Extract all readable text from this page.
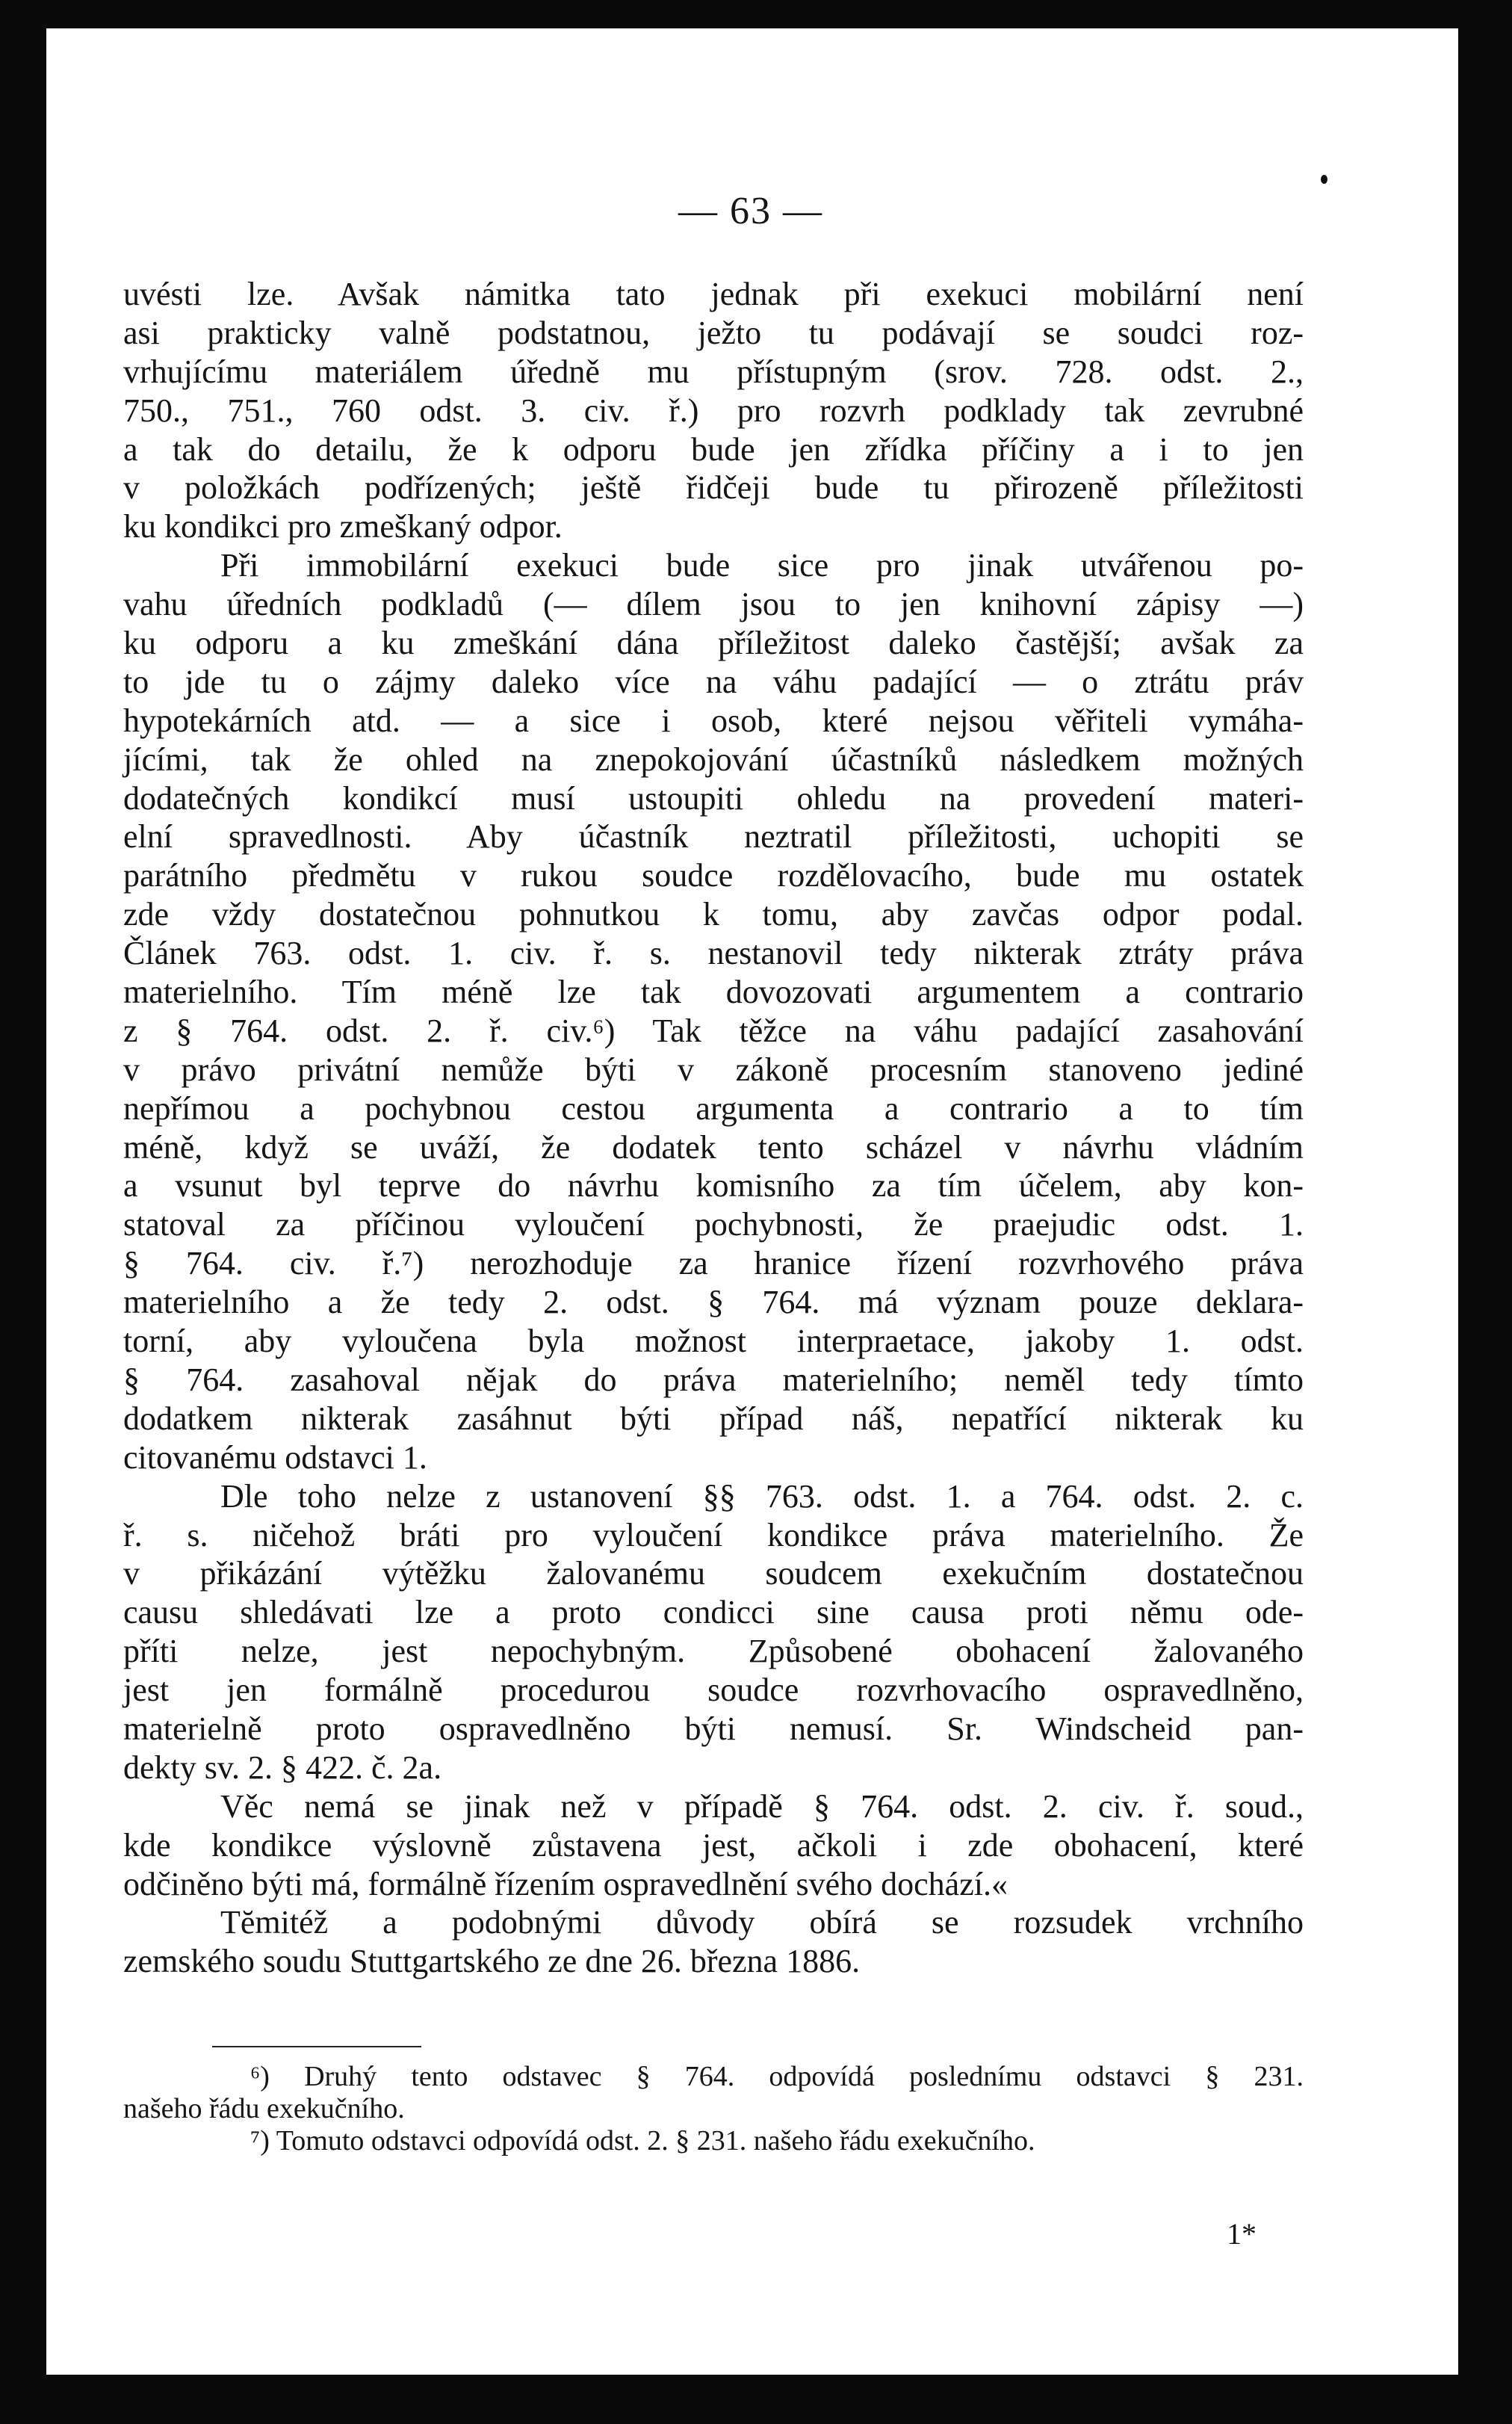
— 63 —
uvésti lze. Avšak námitka tato jednak při exekuci mobilární není
asi prakticky valně podstatnou, ježto tu podávají se soudci roz-
vrhujícímu materiálem úředně mu přístupným (srov. 728. odst. 2.,
750., 751., 760 odst. 3. civ. ř.) pro rozvrh podklady tak zevrubné
a tak do detailu, že k odporu bude jen zřídka příčiny a i to jen
v položkách podřízených; ještě řidčeji bude tu přirozeně příležitosti
ku kondikci pro zmeškaný odpor.
Při immobilární exekuci bude sice pro jinak utvářenou po-
vahu úředních podkladů (— dílem jsou to jen knihovní zápisy —)
ku odporu a ku zmeškání dána příležitost daleko častější; avšak za
to jde tu o zájmy daleko více na váhu padající — o ztrátu práv
hypotekárních atd. — a sice i osob, které nejsou věřiteli vymáha-
jícími, tak že ohled na znepokojování účastníků následkem možných
dodatečných kondikcí musí ustoupiti ohledu na provedení materi-
elní spravedlnosti. Aby účastník neztratil příležitosti, uchopiti se
parátního předmětu v rukou soudce rozdělovacího, bude mu ostatek
zde vždy dostatečnou pohnutkou k tomu, aby zavčas odpor podal.
Článek 763. odst. 1. civ. ř. s. nestanovil tedy nikterak ztráty práva
materielního. Tím méně lze tak dovozovati argumentem a contrario
z § 764. odst. 2. ř. civ.⁶) Tak těžce na váhu padající zasahování
v právo privátní nemůže býti v zákoně procesním stanoveno jediné
nepřímou a pochybnou cestou argumenta a contrario a to tím
méně, když se uváží, že dodatek tento scházel v návrhu vládním
a vsunut byl teprve do návrhu komisního za tím účelem, aby kon-
statoval za příčinou vyloučení pochybnosti, že praejudic odst. 1.
§ 764. civ. ř.⁷) nerozhoduje za hranice řízení rozvrhového práva
materielního a že tedy 2. odst. § 764. má význam pouze deklara-
torní, aby vyloučena byla možnost interpraetace, jakoby 1. odst.
§ 764. zasahoval nějak do práva materielního; neměl tedy tímto
dodatkem nikterak zasáhnut býti případ náš, nepatřící nikterak ku
citovanému odstavci 1.
Dle toho nelze z ustanovení §§ 763. odst. 1. a 764. odst. 2. c.
ř. s. ničehož bráti pro vyloučení kondikce práva materielního. Že
v přikázání výtěžku žalovanému soudcem exekučním dostatečnou
causu shledávati lze a proto condicci sine causa proti němu ode-
příti nelze, jest nepochybným. Způsobené obohacení žalovaného
jest jen formálně procedurou soudce rozvrhovacího ospravedlněno,
materielně proto ospravedlněno býti nemusí. Sr. Windscheid pan-
dekty sv. 2. § 422. č. 2a.
Věc nemá se jinak než v případě § 764. odst. 2. civ. ř. soud.,
kde kondikce výslovně zůstavena jest, ačkoli i zde obohacení, které
odčiněno býti má, formálně řízením ospravedlnění svého dochází.«
Tĕmitéž a podobnými důvody obírá se rozsudek vrchního
zemského soudu Stuttgartského ze dne 26. března 1886.
⁶) Druhý tento odstavec § 764. odpovídá poslednímu odstavci § 231.
našeho řádu exekučního.
⁷) Tomuto odstavci odpovídá odst. 2. § 231. našeho řádu exekučního.
1*
